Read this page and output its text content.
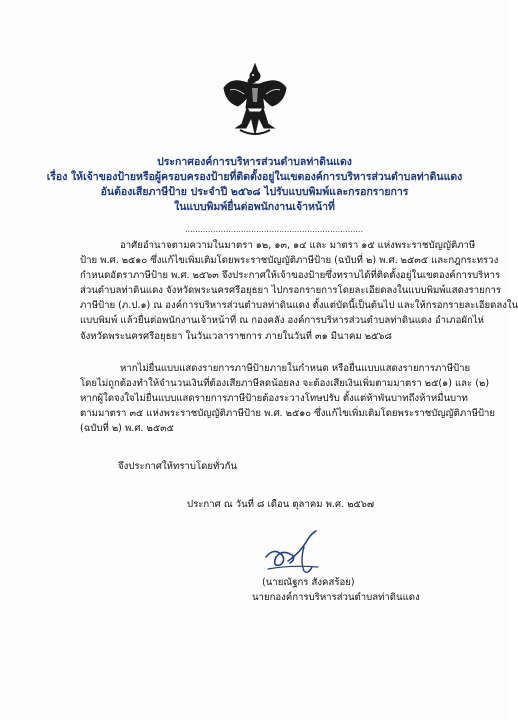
ประกาศองค์การบริหารส่วนตำบลท่าดินแดง
เรื่อง ให้เจ้าของป้ายหรือผู้ครอบครองป้ายที่ติดตั้งอยู่ในเขตองค์การบริหารส่วนตำบลท่าดินแดง
อันต้องเสียภาษีป้าย ประจำปี ๒๕๖๘ ไปรับแบบพิมพ์และกรอกรายการ
ในแบบพิมพ์ยื่นต่อพนักงานเจ้าหน้าที่
......................................................................
อาศัยอำนาจตามความในมาตรา ๑๒, ๑๓, ๑๔ และ มาตรา ๑๕ แห่งพระราชบัญญัติภาษี
ป้าย พ.ศ. ๒๕๑๐ ซึ่งแก้ไขเพิ่มเติมโดยพระราชบัญญัติภาษีป้าย (ฉบับที่ ๒) พ.ศ. ๒๕๓๕ และกฎกระทรวง
กำหนดอัตราภาษีป้าย พ.ศ. ๒๕๖๓ จึงประกาศให้เจ้าของป้ายซึ่งทราบได้ที่ติดตั้งอยู่ในเขตองค์การบริหาร
ส่วนตำบลท่าดินแดง จังหวัดพระนครศรีอยุธยา ไปกรอกรายการโดยละเอียดลงในแบบพิมพ์แสดงรายการ
ภาษีป้าย (ภ.ป.๑) ณ องค์การบริหารส่วนตำบลท่าดินแดง ตั้งแต่บัดนี้เป็นต้นไป และให้กรอกรายละเอียดลงใน
แบบพิมพ์ แล้วยื่นต่อพนักงานเจ้าหน้าที่ ณ กองคลัง องค์การบริหารส่วนตำบลท่าดินแดง อำเภอผักไห่
จังหวัดพระนครศรีอยุธยา ในวันเวลาราชการ ภายในวันที่ ๓๑ มีนาคม ๒๕๖๘
หากไม่ยื่นแบบแสดงรายการภาษีป้ายภายในกำหนด หรือยื่นแบบแสดงรายการภาษีป้าย
โดยไม่ถูกต้องทำให้จำนวนเงินที่ต้องเสียภาษีลดน้อยลง จะต้องเสียเงินเพิ่มตามมาตรา ๒๕(๑) และ (๒)
หากผู้ใดจงใจไม่ยื่นแบบแสดรายการภาษีป้ายต้องระวางโทษปรับ ตั้งแต่ห้าพันบาทถึงห้าหมื่นบาท
ตามมาตรา ๓๕ แห่งพระราชบัญญัติภาษีป้าย พ.ศ. ๒๕๑๐ ซึ่งแก้ไขเพิ่มเติมโดยพระราชบัญญัติภาษีป้าย
(ฉบับที่ ๒) พ.ศ. ๒๕๓๕
จึงประกาศให้ทราบโดยทั่วกัน
ประกาศ ณ วันที่ ๘ เดือน ตุลาคม พ.ศ. ๒๕๖๗
(นายณัฐกร สังคสร้อย)
นายกองค์การบริหารส่วนตำบลท่าดินแดง
